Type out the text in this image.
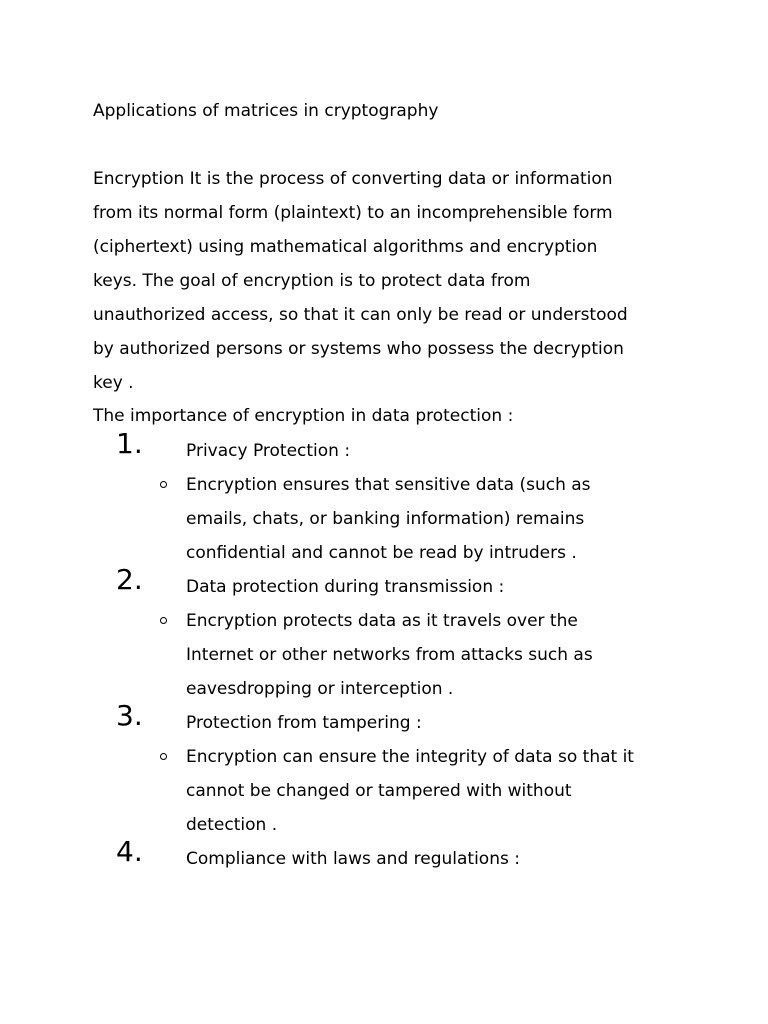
Applications of matrices in cryptography
Encryption It is the process of converting data or information
from its normal form (plaintext) to an incomprehensible form
(ciphertext) using mathematical algorithms and encryption
keys. The goal of encryption is to protect data from
unauthorized access, so that it can only be read or understood
by authorized persons or systems who possess the decryption
key .
The importance of encryption in data protection :
1.	Privacy Protection :
Encryption ensures that sensitive data (such as
emails, chats, or banking information) remains
confidential and cannot be read by intruders .
2.	Data protection during transmission :
Encryption protects data as it travels over the
Internet or other networks from attacks such as
eavesdropping or interception .
3.	Protection from tampering :
Encryption can ensure the integrity of data so that it
cannot be changed or tampered with without
detection .
4.	Compliance with laws and regulations :
